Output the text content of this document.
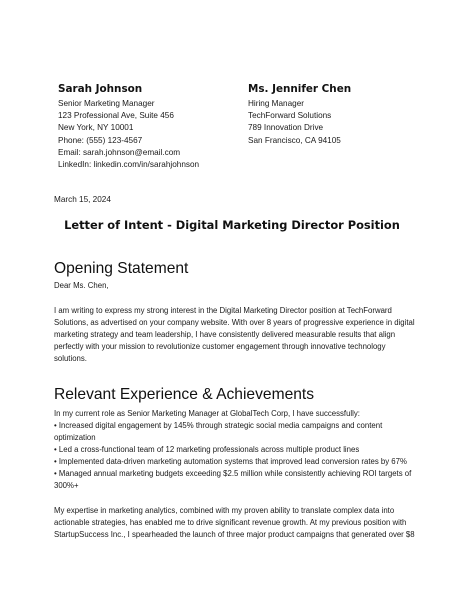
Sarah Johnson
Senior Marketing Manager
123 Professional Ave, Suite 456
New York, NY 10001
Phone: (555) 123-4567
Email: sarah.johnson@email.com
LinkedIn: linkedin.com/in/sarahjohnson
Ms. Jennifer Chen
Hiring Manager
TechForward Solutions
789 Innovation Drive
San Francisco, CA 94105
March 15, 2024
Letter of Intent - Digital Marketing Director Position
Opening Statement
Dear Ms. Chen,
I am writing to express my strong interest in the Digital Marketing Director position at TechForward Solutions, as advertised on your company website. With over 8 years of progressive experience in digital marketing strategy and team leadership, I have consistently delivered measurable results that align perfectly with your mission to revolutionize customer engagement through innovative technology solutions.
Relevant Experience & Achievements
In my current role as Senior Marketing Manager at GlobalTech Corp, I have successfully:
• Increased digital engagement by 145% through strategic social media campaigns and content optimization
• Led a cross-functional team of 12 marketing professionals across multiple product lines
• Implemented data-driven marketing automation systems that improved lead conversion rates by 67%
• Managed annual marketing budgets exceeding $2.5 million while consistently achieving ROI targets of 300%+
My expertise in marketing analytics, combined with my proven ability to translate complex data into actionable strategies, has enabled me to drive significant revenue growth. At my previous position with StartupSuccess Inc., I spearheaded the launch of three major product campaigns that generated over $8
